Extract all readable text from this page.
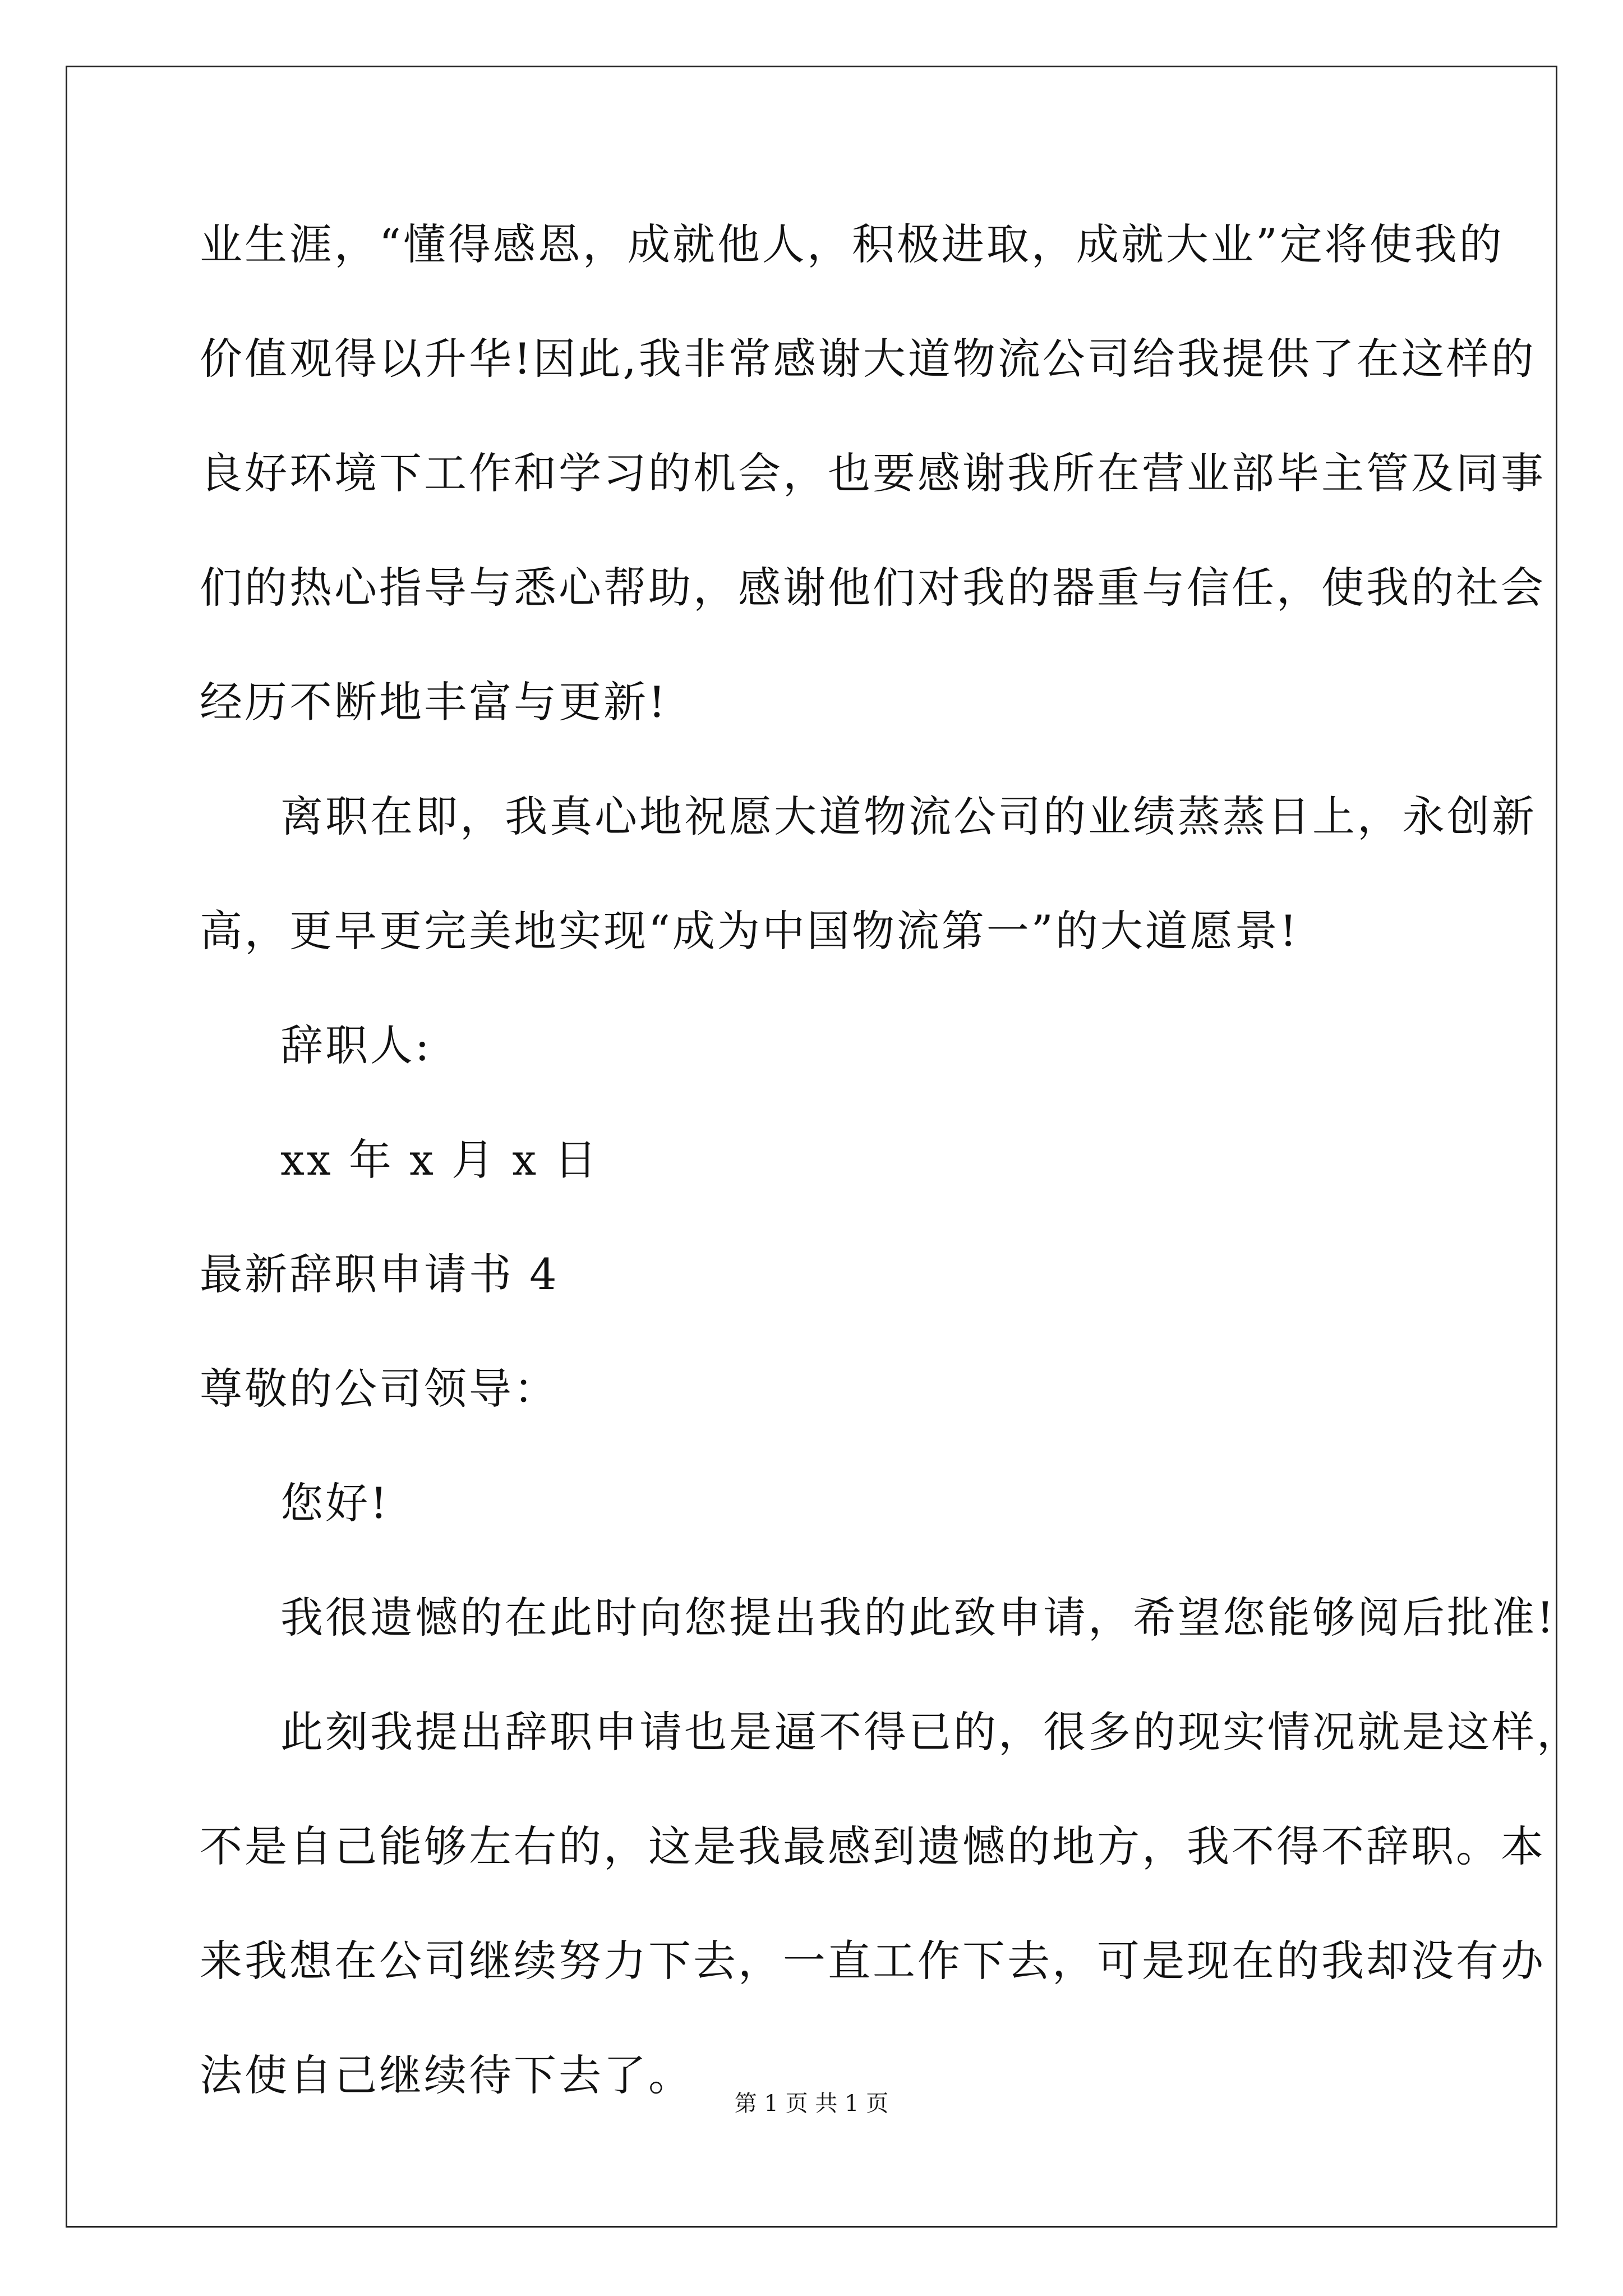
业生涯，“懂得感恩，成就他人，积极进取，成就大业”定将使我的
价值观得以升华!因此,我非常感谢大道物流公司给我提供了在这样的
良好环境下工作和学习的机会，也要感谢我所在营业部毕主管及同事
们的热心指导与悉心帮助，感谢他们对我的器重与信任，使我的社会
经历不断地丰富与更新!
离职在即，我真心地祝愿大道物流公司的业绩蒸蒸日上，永创新
高，更早更完美地实现“成为中国物流第一”的大道愿景!
辞职人:
xx 年 x 月 x 日
最新辞职申请书 4
尊敬的公司领导：
您好!
我很遗憾的在此时向您提出我的此致申请，希望您能够阅后批准!
此刻我提出辞职申请也是逼不得已的，很多的现实情况就是这样，
不是自己能够左右的，这是我最感到遗憾的地方，我不得不辞职。本
来我想在公司继续努力下去，一直工作下去，可是现在的我却没有办
法使自己继续待下去了。
第 1 页 共 1 页
